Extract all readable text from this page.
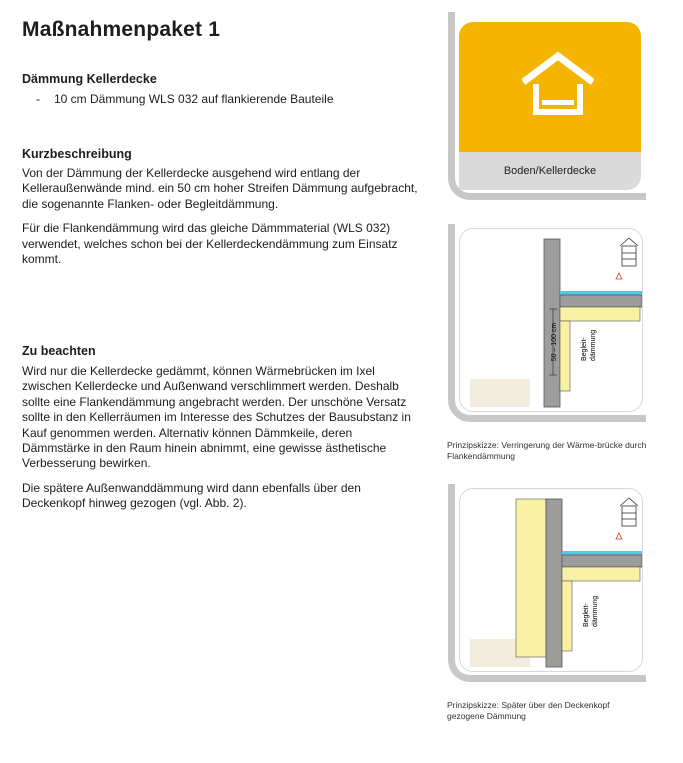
Maßnahmenpaket 1
Dämmung Kellerdecke
- 10 cm Dämmung WLS 032 auf flankierende Bauteile
Kurzbeschreibung

Von der Dämmung der Kellerdecke ausgehend wird entlang der Kelleraußenwände mind. ein 50 cm hoher Streifen Dämmung aufgebracht, die sogenannte Flanken- oder Begleitdämmung.

Für die Flankendämmung wird das gleiche Dämmmaterial (WLS 032) verwendet, welches schon bei der Kellerdeckendämmung zum Einsatz kommt.

Zu beachten

Wird nur die Kellerdecke gedämmt, können Wärmebrücken im Ixel zwischen Kellerdecke und Außenwand verschlimmert werden. Deshalb sollte eine Flankendämmung angebracht werden. Der unschöne Versatz sollte in den Kellerräumen im Interesse des Schutzes der Bausubstanz in Kauf genommen werden. Alternativ können Dämmkeile, deren Dämmstärke in den Raum hinein abnimmt, eine gewisse ästhetische Verbesserung bewirken.

Die spätere Außenwanddämmung wird dann ebenfalls über den Deckenkopf hinweg gezogen (vgl. Abb. 2).

Boden/Kellerdecke
50 – 100 cm	Begleit- dämmung
Prinzipskizze: Verringerung der Wärme-brücke durch Flankendämmung
Begleit- dämmung
Prinzipskizze: Später über den Deckenkopf gezogene Dämmung
